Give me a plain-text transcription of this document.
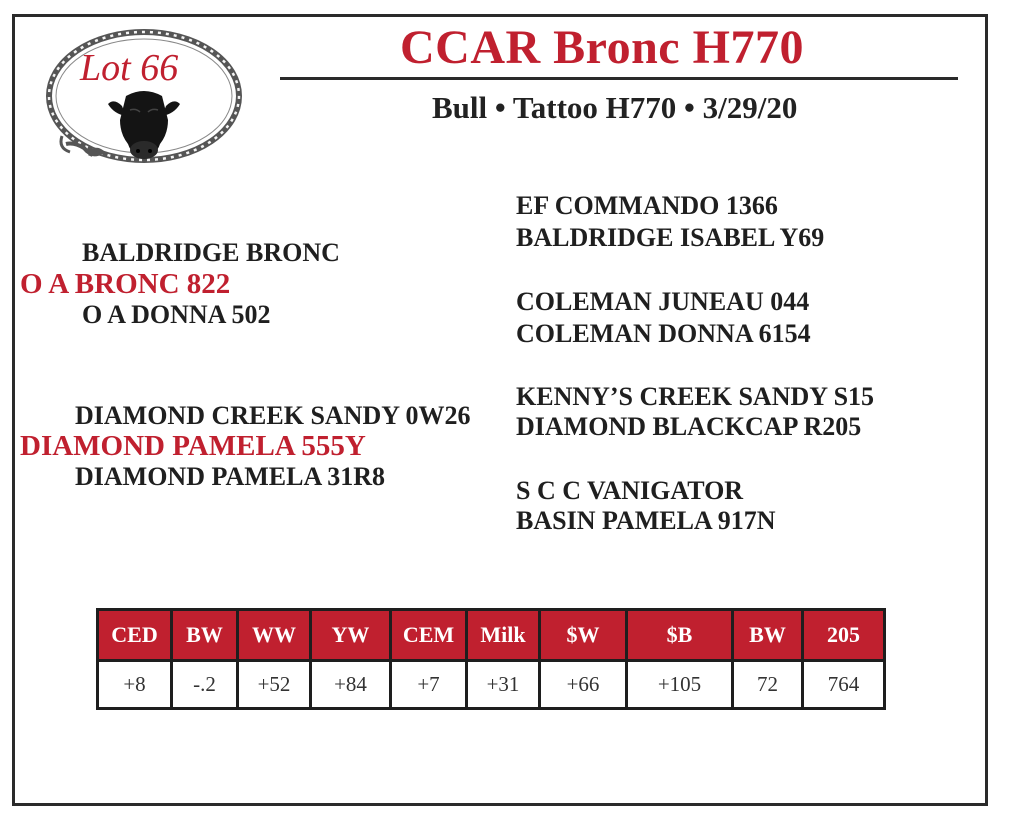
Lot 66	CCAR Bronc H770
Bull • Tattoo H770 • 3/29/20
BALDRIDGE BRONC
O A BRONC 822
O A DONNA 502
EF COMMANDO 1366
BALDRIDGE ISABEL Y69
COLEMAN JUNEAU 044
COLEMAN DONNA 6154
DIAMOND CREEK SANDY 0W26
DIAMOND PAMELA 555Y
DIAMOND PAMELA 31R8
KENNY’S CREEK SANDY S15
DIAMOND BLACKCAP R205
S C C VANIGATOR
BASIN PAMELA 917N
CED	BW	WW	YW	CEM	Milk	$W	$B	BW	205
+8	-.2	+52	+84	+7	+31	+66	+105	72	764
